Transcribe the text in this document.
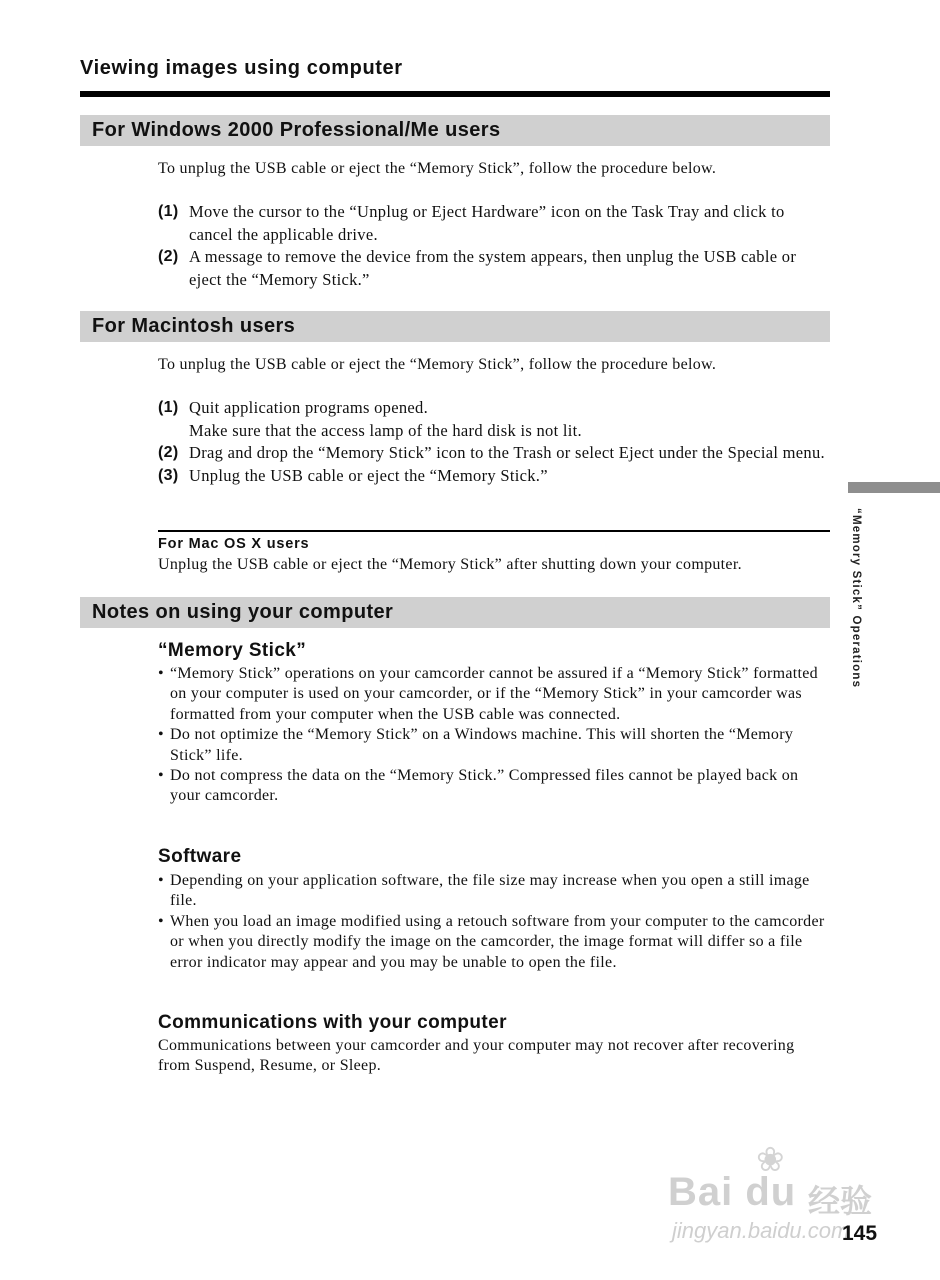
Viewing images using computer
For Windows 2000 Professional/Me users
To unplug the USB cable or eject the “Memory Stick”, follow the procedure below.
(1) Move the cursor to the “Unplug or Eject Hardware” icon on the Task Tray and click to cancel the applicable drive.
(2) A message to remove the device from the system appears, then unplug the USB cable or eject the “Memory Stick.”
For Macintosh users
To unplug the USB cable or eject the “Memory Stick”, follow the procedure below.
(1) Quit application programs opened.
Make sure that the access lamp of the hard disk is not lit.
(2) Drag and drop the “Memory Stick” icon to the Trash or select Eject under the Special menu.
(3) Unplug the USB cable or eject the “Memory Stick.”
For Mac OS X users
Unplug the USB cable or eject the “Memory Stick” after shutting down your computer.
Notes on using your computer
“Memory Stick”
• “Memory Stick” operations on your camcorder cannot be assured if a “Memory Stick” formatted on your computer is used on your camcorder, or if the “Memory Stick” in your camcorder was formatted from your computer when the USB cable was connected.
• Do not optimize the “Memory Stick” on a Windows machine. This will shorten the “Memory Stick” life.
• Do not compress the data on the “Memory Stick.” Compressed files cannot be played back on your camcorder.
Software
• Depending on your application software, the file size may increase when you open a still image file.
• When you load an image modified using a retouch software from your computer to the camcorder or when you directly modify the image on the camcorder, the image format will differ so a file error indicator may appear and you may be unable to open the file.
Communications with your computer

Communications between your camcorder and your computer may not recover after recovering from Suspend, Resume, or Sleep.

“Memory Stick” Operations
❀
Bai du 经验
jingyan.baidu.com
145
